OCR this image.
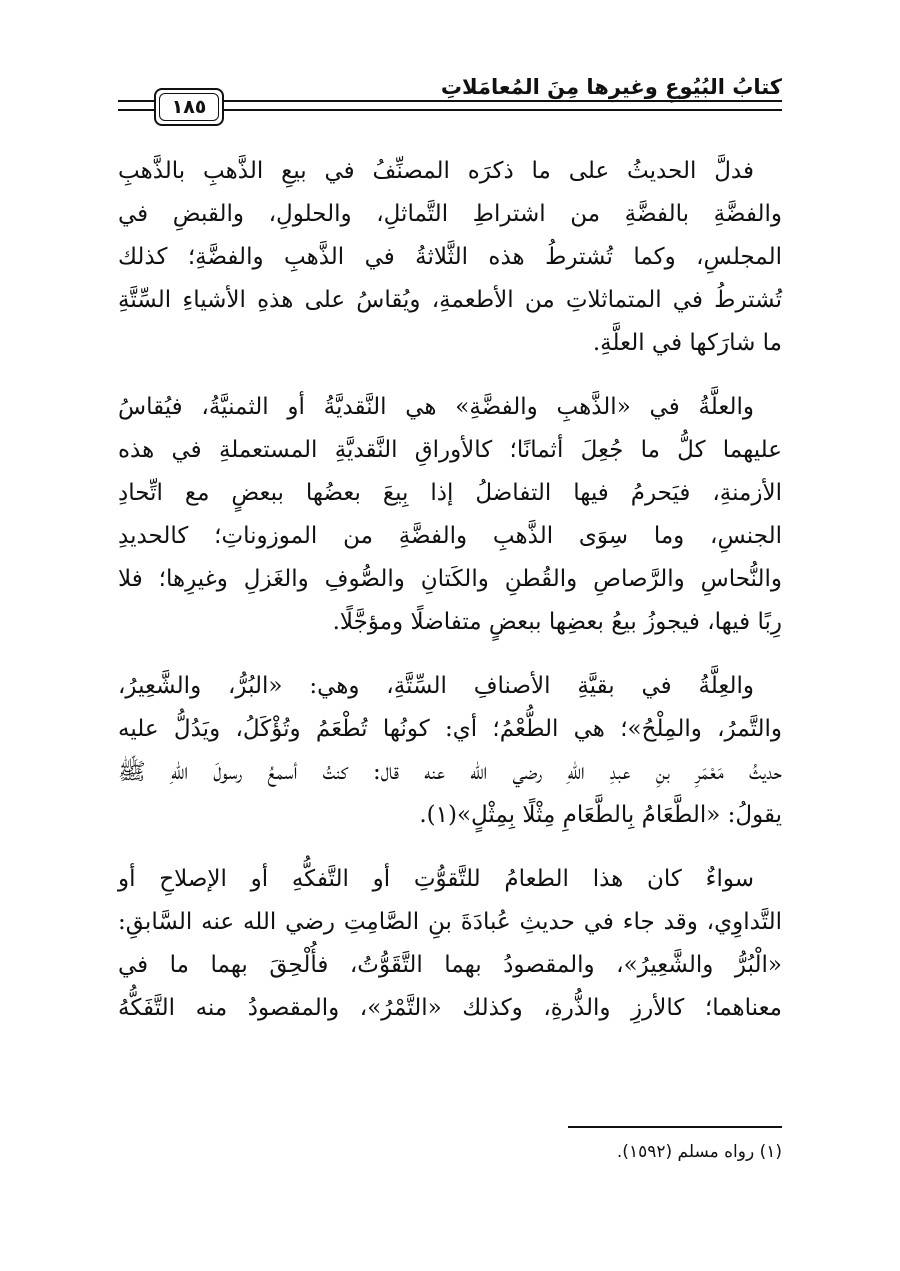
كتابُ البُيُوعِ وغيرِها مِنَ المُعامَلاتِ
١٨٥
فدلَّ الحديثُ على ما ذكرَه المصنِّفُ في بيعِ الذَّهبِ بالذَّهبِ
والفضَّةِ بالفضَّةِ من اشتراطِ التَّماثلِ، والحلولِ، والقبضِ في
المجلسِ، وكما تُشترطُ هذه الثَّلاثةُ في الذَّهبِ والفضَّةِ؛ كذلك
تُشترطُ في المتماثلاتِ من الأطعمةِ، ويُقاسُ على هذهِ الأشياءِ السِّتَّةِ
ما شارَكها في العلَّةِ.
والعلَّةُ في «الذَّهبِ والفضَّةِ» هي النَّقديَّةُ أو الثمنيَّةُ، فيُقاسُ
عليهما كلُّ ما جُعِلَ أثمانًا؛ كالأوراقِ النَّقديَّةِ المستعملةِ في هذه
الأزمنةِ، فيَحرمُ فيها التفاضلُ إذا بِيعَ بعضُها ببعضٍ مع اتِّحادِ
الجنسِ، وما سِوَى الذَّهبِ والفضَّةِ من الموزوناتِ؛ كالحديدِ
والنُّحاسِ والرَّصاصِ والقُطنِ والكَتانِ والصُّوفِ والغَزلِ وغيرِها؛ فلا
رِبًا فيها، فيجوزُ بيعُ بعضِها ببعضٍ متفاضلًا ومؤجَّلًا.
والعِلَّةُ في بقيَّةِ الأصنافِ السِّتَّةِ، وهي: «البُرُّ، والشَّعِيرُ،
والتَّمرُ، والمِلْحُ»؛ هي الطُّعْمُ؛ أي: كونُها تُطْعَمُ وتُؤْكَلُ، ويَدُلُّ عليه
حديثُ مَعْمَرِ بنِ عبدِ اللهِ رضي الله عنه قال: كنتُ أسمعُ رسولَ اللهِ ﷺ
يقولُ: «الطَّعَامُ بِالطَّعَامِ مِثْلًا بِمِثْلٍ»(١).
سواءٌ كان هذا الطعامُ للتَّقوُّتِ أو التَّفكُّهِ أو الإصلاحِ أو
التَّداوِي، وقد جاء في حديثِ عُبادَةَ بنِ الصَّامِتِ رضي الله عنه السَّابقِ:
«الْبُرُّ والشَّعِيرُ»، والمقصودُ بهما التَّقَوُّتُ، فأُلْحِقَ بهما ما في
معناهما؛ كالأرزِ والذُّرةِ، وكذلك «التَّمْرُ»، والمقصودُ منه التَّفَكُّهُ
(١) رواه مسلم (١٥٩٢).
